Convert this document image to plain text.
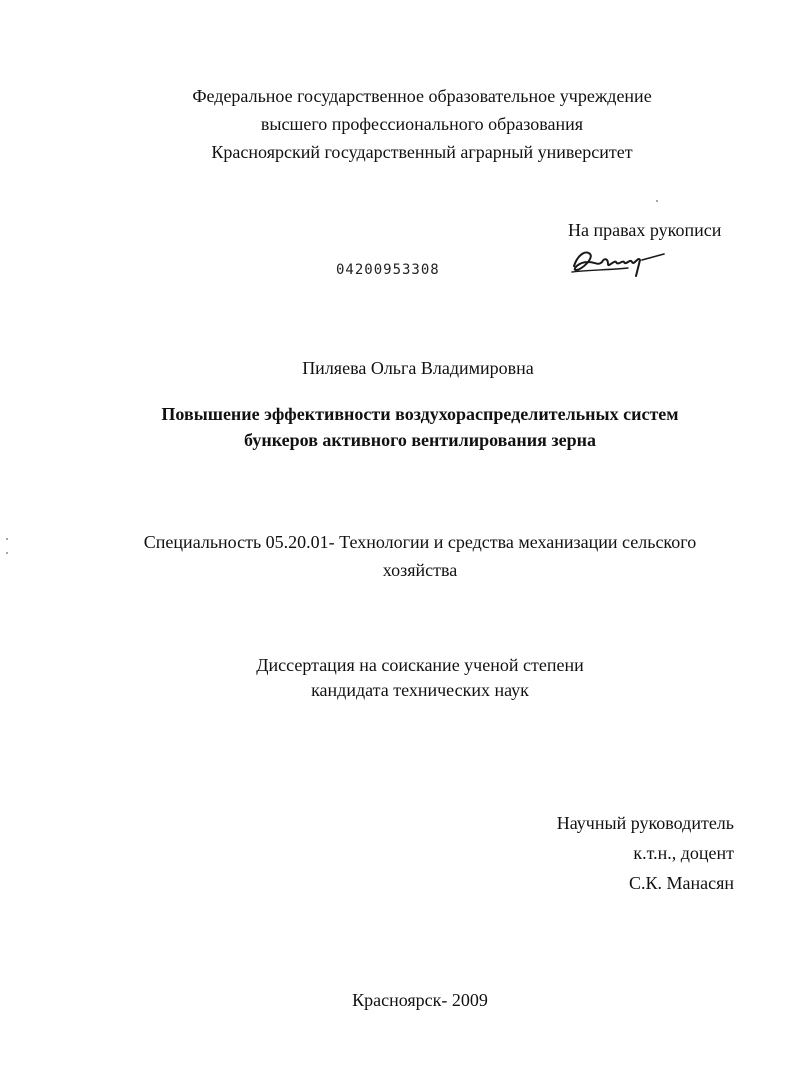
Федеральное государственное образовательное учреждение
высшего профессионального образования
Красноярский государственный аграрный университет
На правах рукописи
04200953308
Пиляева Ольга Владимировна
Повышение эффективности воздухораспределительных систем
бункеров активного вентилирования зерна
Специальность 05.20.01- Технологии и средства механизации сельского
хозяйства
Диссертация на соискание ученой степени
кандидата технических наук
Научный руководитель
к.т.н., доцент
С.К. Манасян
Красноярск- 2009
